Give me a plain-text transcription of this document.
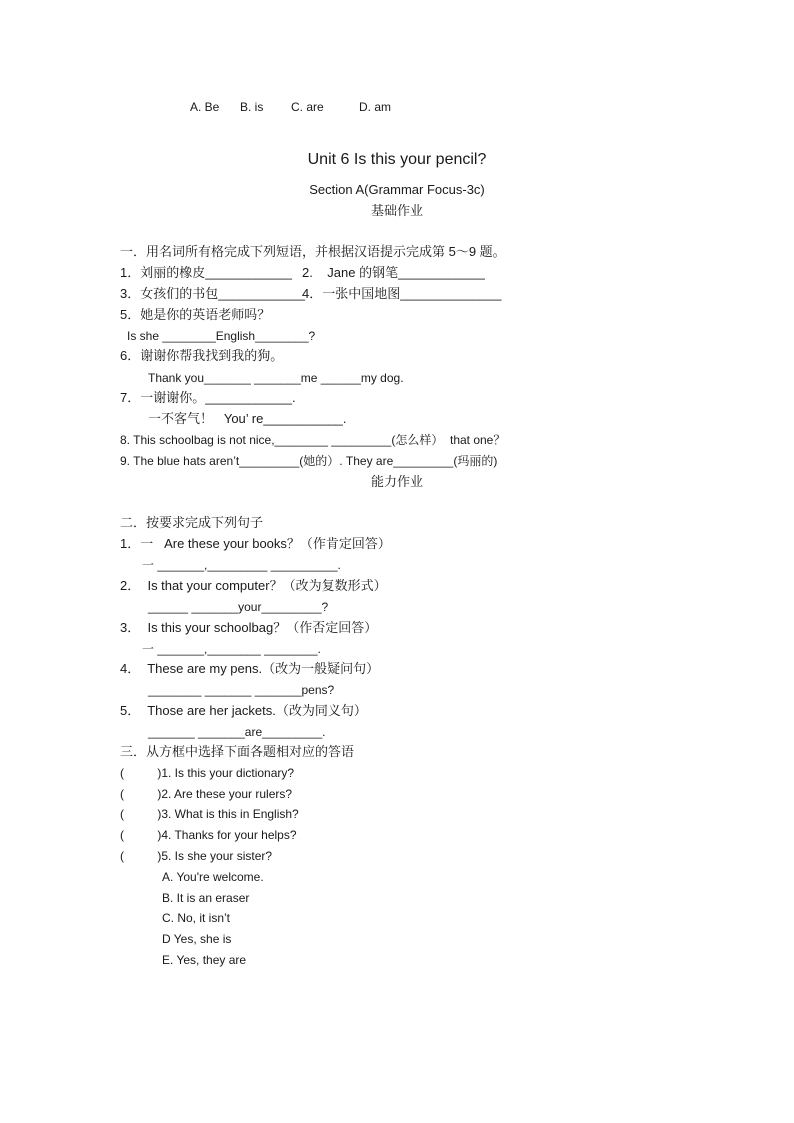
A. Be B. is C. are	D. am
Unit 6 Is this your pencil?
Section A(Grammar Focus-3c)
基础作业
一．用名词所有格完成下列短语，并根据汉语提示完成第 5～9 题。
1．刘丽的橡皮____________ 2.    Jane 的钢笔____________
3．女孩们的书包____________
4．一张中国地图______________
5．她是你的英语老师吗？
Is she ________English________?
6．谢谢你帮我找到我的狗。
Thank you_______ _______me ______my dog.
7．一谢谢你。____________.
一不客气！   You’ re___________.
8. This schoolbag is not nice,________ _________(怎么样）  that one？
9. The blue hats aren’t_________(她的）. They are_________(玛丽的)
能力作业
二．按要求完成下列句子
1．一   Are these your books？（作肯定回答）
一 _______,_________ __________.
2．  Is that your computer？（改为复数形式）
______ _______your_________?
3．  Is this your schoolbag？（作否定回答）
一 _______,________ ________.
4．  These are my pens.（改为一般疑问句）
________ _______ _______pens?
5．  Those are her jackets.（改为同义句）
_______ _______are_________.
三．从方框中选择下面各题相对应的答语
(          )1. Is this your dictionary?
(          )2. Are these your rulers?
(          )3. What is this in English?
(          )4. Thanks for your helps?
(          )5. Is she your sister?
A. You're welcome.
B. It is an eraser
C. No, it isn’t
D Yes, she is
E. Yes, they are
